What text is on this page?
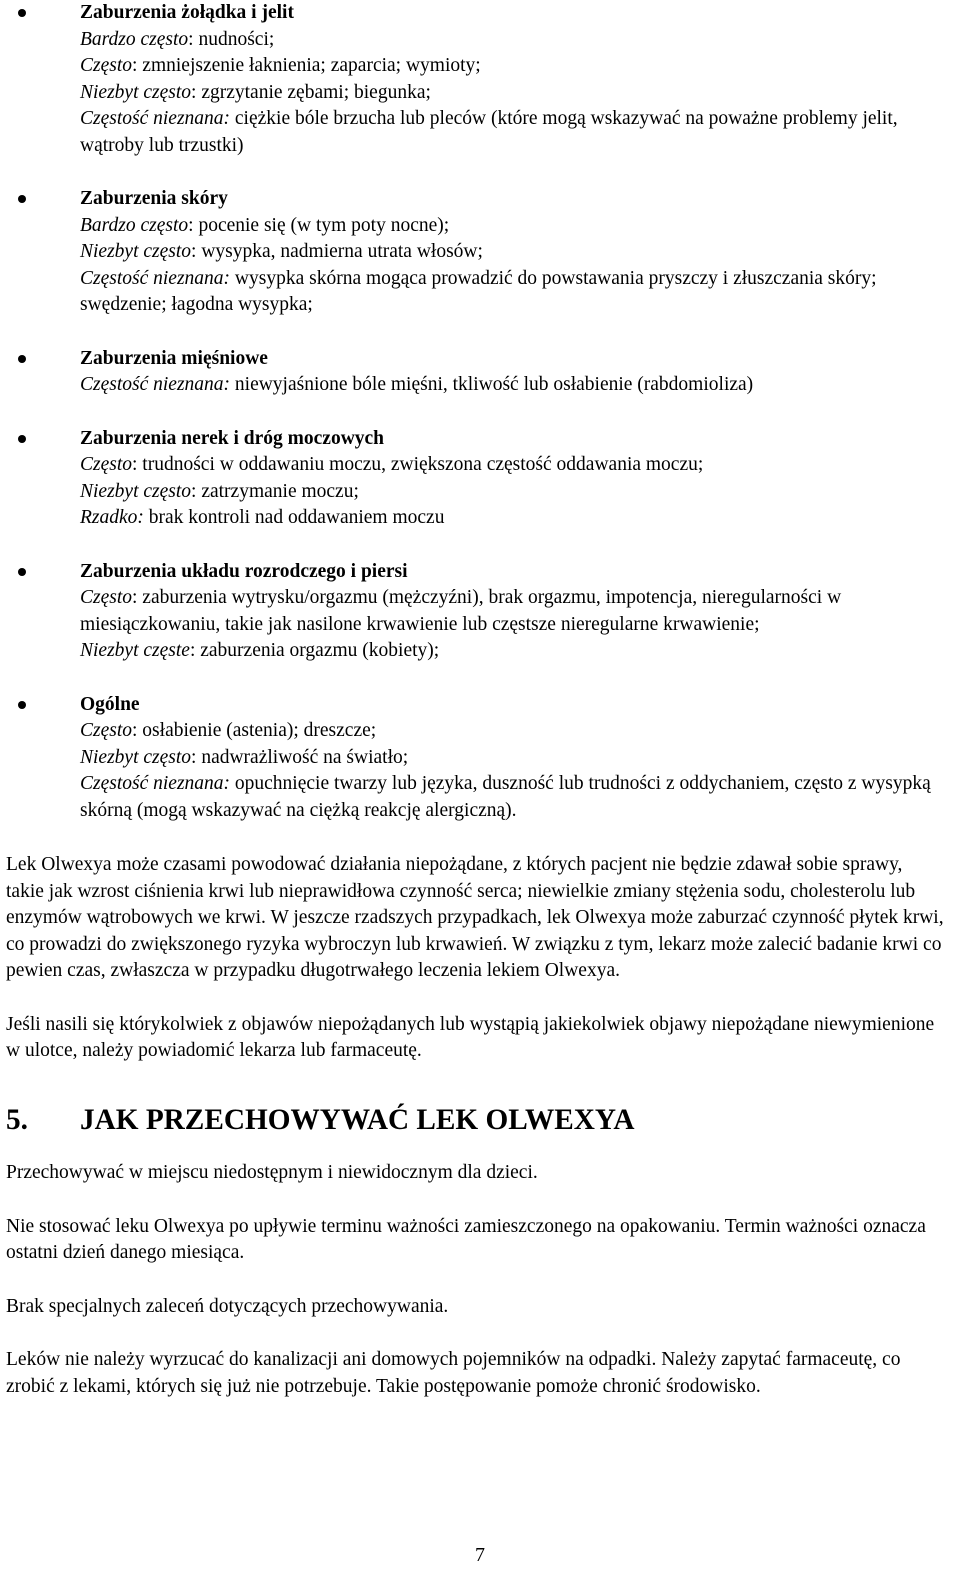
Zaburzenia żołądka i jelit
Bardzo często: nudności;
Często: zmniejszenie łaknienia; zaparcia; wymioty;
Niezbyt często: zgrzytanie zębami; biegunka;
Częstość nieznana: ciężkie bóle brzucha lub pleców (które mogą wskazywać na poważne problemy jelit, wątroby lub trzustki)
Zaburzenia skóry
Bardzo często: pocenie się (w tym poty nocne);
Niezbyt często: wysypka, nadmierna utrata włosów;
Częstość nieznana: wysypka skórna mogąca prowadzić do powstawania pryszczy i złuszczania skóry; swędzenie; łagodna wysypka;
Zaburzenia mięśniowe
Częstość nieznana: niewyjaśnione bóle mięśni, tkliwość lub osłabienie (rabdomioliza)
Zaburzenia nerek i dróg moczowych
Często: trudności w oddawaniu moczu, zwiększona częstość oddawania moczu;
Niezbyt często: zatrzymanie moczu;
Rzadko: brak kontroli nad oddawaniem moczu
Zaburzenia układu rozrodczego i piersi
Często: zaburzenia wytrysku/orgazmu (mężczyźni), brak orgazmu, impotencja, nieregularności w miesiączkowaniu, takie jak nasilone krwawienie lub częstsze nieregularne krwawienie;
Niezbyt częste: zaburzenia orgazmu (kobiety);
Ogólne
Często: osłabienie (astenia); dreszcze;
Niezbyt często: nadwrażliwość na światło;
Częstość nieznana: opuchnięcie twarzy lub języka, duszność lub trudności z oddychaniem, często z wysypką skórną (mogą wskazywać na ciężką reakcję alergiczną).

Lek Olwexya może czasami powodować działania niepożądane, z których pacjent nie będzie zdawał sobie sprawy, takie jak wzrost ciśnienia krwi lub nieprawidłowa czynność serca; niewielkie zmiany stężenia sodu, cholesterolu lub enzymów wątrobowych we krwi. W jeszcze rzadszych przypadkach, lek Olwexya może zaburzać czynność płytek krwi, co prowadzi do zwiększonego ryzyka wybroczyn lub krwawień. W związku z tym, lekarz może zalecić badanie krwi co pewien czas, zwłaszcza w przypadku długotrwałego leczenia lekiem Olwexya.

Jeśli nasili się którykolwiek z objawów niepożądanych lub wystąpią jakiekolwiek objawy niepożądane niewymienione w ulotce, należy powiadomić lekarza lub farmaceutę.

5. JAK PRZECHOWYWAĆ LEK OLWEXYA

Przechowywać w miejscu niedostępnym i niewidocznym dla dzieci.

Nie stosować leku Olwexya po upływie terminu ważności zamieszczonego na opakowaniu. Termin ważności oznacza ostatni dzień danego miesiąca.

Brak specjalnych zaleceń dotyczących przechowywania.

Leków nie należy wyrzucać do kanalizacji ani domowych pojemników na odpadki. Należy zapytać farmaceutę, co zrobić z lekami, których się już nie potrzebuje. Takie postępowanie pomoże chronić środowisko.

7
